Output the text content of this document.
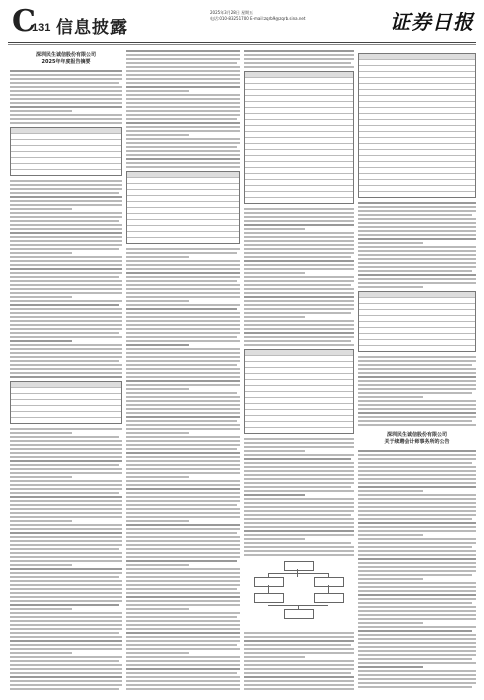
C
131 信息披露
2025年3月28日 星期五
电话:010-83251700 E-mail:zqrb9@zqrb.sina.net	证券日报
深圳民生诚信股份有限公司
2025年年度报告摘要
深圳民生诚信股份有限公司
关于续聘会计师事务所的公告
